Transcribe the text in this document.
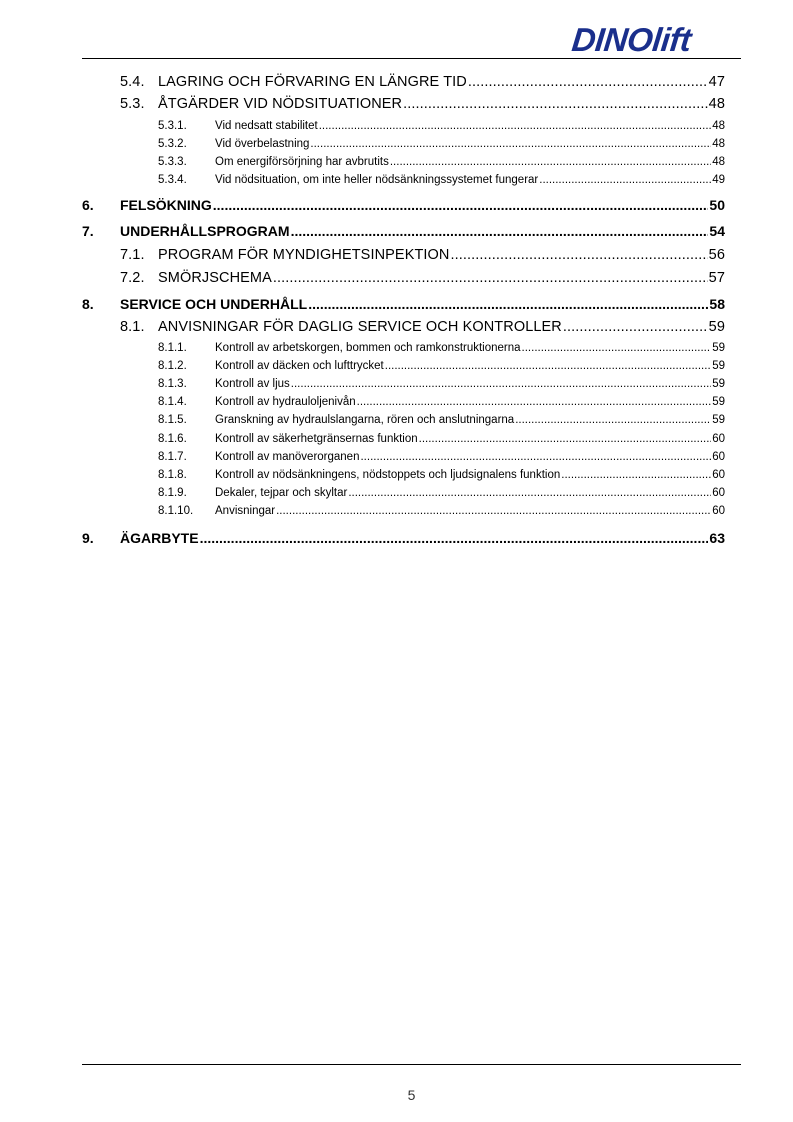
DINOlift
5.4. LAGRING OCH FÖRVARING EN LÄNGRE TID .....	47
5.3. ÅTGÄRDER VID NÖDSITUATIONER .....	48
5.3.1.	Vid nedsatt stabilitet .....	48
5.3.2.	Vid överbelastning .....	48
5.3.3.	Om energiförsörjning har avbrutits .....	48
5.3.4.	Vid nödsituation, om inte heller nödsänkningssystemet fungerar .....	49
6.	FELSÖKNING .....	50
7.	UNDERHÅLLSPROGRAM .....	54
7.1. PROGRAM FÖR MYNDIGHETSINPEKTION .....	56
7.2. SMÖRJSCHEMA .....	57
8.	SERVICE OCH UNDERHÅLL .....	58
8.1. ANVISNINGAR FÖR DAGLIG SERVICE OCH KONTROLLER .....	59
8.1.1.	Kontroll av arbetskorgen, bommen och ramkonstruktionerna .....	59
8.1.2.	Kontroll av däcken och lufttrycket .....	59
8.1.3.	Kontroll av ljus .....	59
8.1.4.	Kontroll av hydrauloljenivån .....	59
8.1.5.	Granskning av hydraulslangarna, rören och anslutningarna .....	59
8.1.6.	Kontroll av säkerhetgränsernas funktion .....	60
8.1.7.	Kontroll av manöverorganen .....	60
8.1.8.	Kontroll av nödsänkningens, nödstoppets och ljudsignalens funktion .....	60
8.1.9.	Dekaler, tejpar och skyltar .....	60
8.1.10.	Anvisningar .....	60
9.	ÄGARBYTE .....	63
5
